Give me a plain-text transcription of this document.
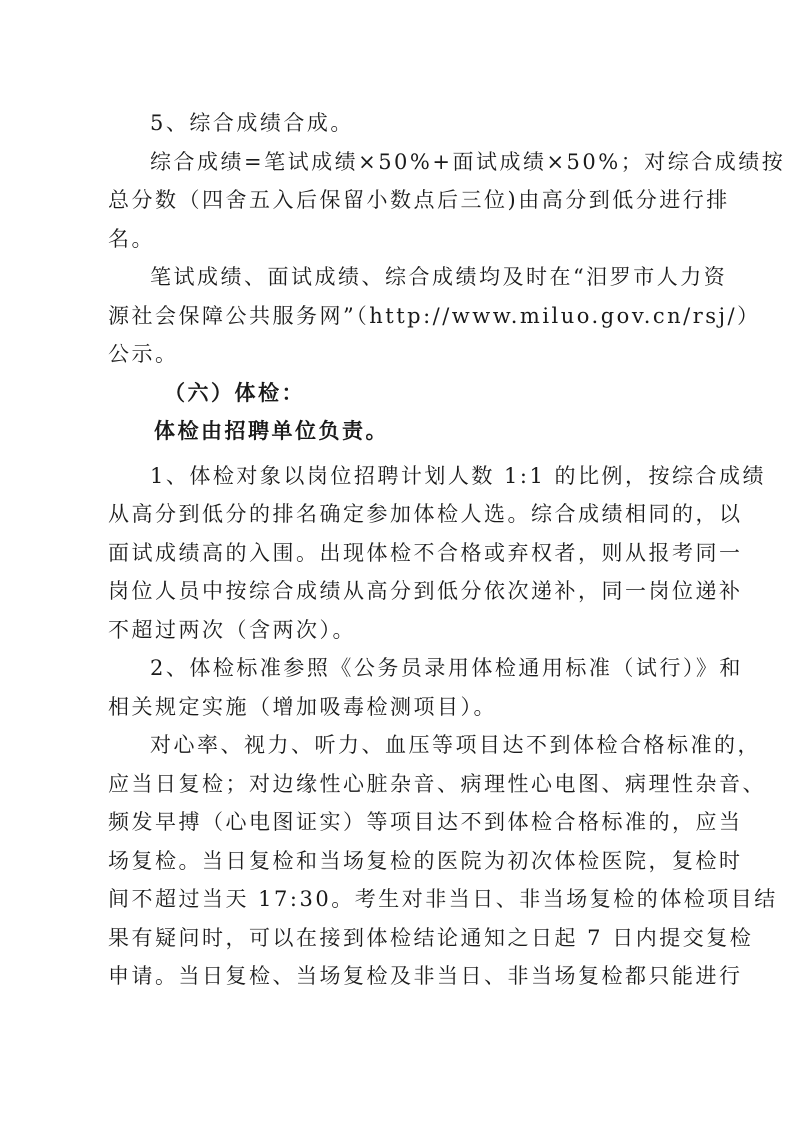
5、综合成绩合成。
综合成绩=笔试成绩×50%+面试成绩×50%；对综合成绩按
总分数（四舍五入后保留小数点后三位)由高分到低分进行排
名。
笔试成绩、面试成绩、综合成绩均及时在“汨罗市人力资
源社会保障公共服务网”（http://www.miluo.gov.cn/rsj/）
公示。
（六）体检：
体检由招聘单位负责。
1、体检对象以岗位招聘计划人数 1:1 的比例，按综合成绩
从高分到低分的排名确定参加体检人选。综合成绩相同的，以
面试成绩高的入围。出现体检不合格或弃权者，则从报考同一
岗位人员中按综合成绩从高分到低分依次递补，同一岗位递补
不超过两次（含两次）。
2、体检标准参照《公务员录用体检通用标准（试行）》和
相关规定实施（增加吸毒检测项目）。
对心率、视力、听力、血压等项目达不到体检合格标准的，
应当日复检；对边缘性心脏杂音、病理性心电图、病理性杂音、
频发早搏（心电图证实）等项目达不到体检合格标准的，应当
场复检。当日复检和当场复检的医院为初次体检医院，复检时
间不超过当天 17:30。考生对非当日、非当场复检的体检项目结
果有疑问时，可以在接到体检结论通知之日起 7 日内提交复检
申请。当日复检、当场复检及非当日、非当场复检都只能进行
